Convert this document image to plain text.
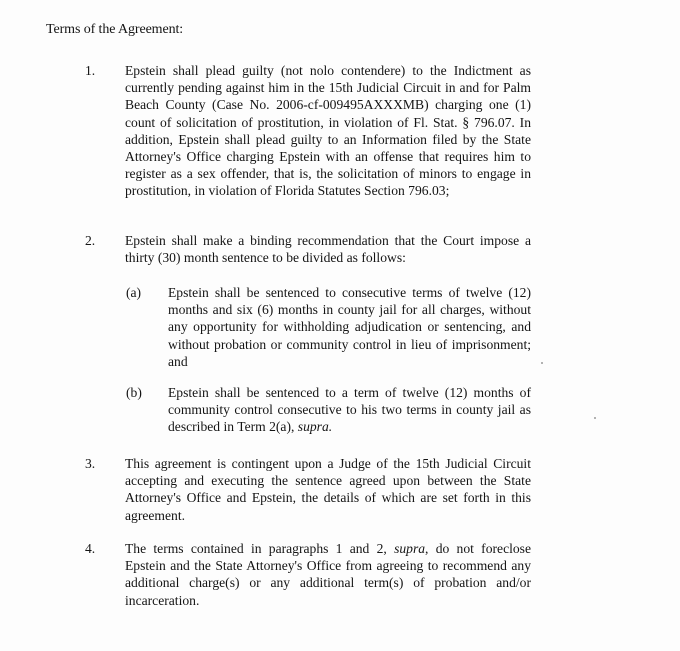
Terms of the Agreement:
1. Epstein shall plead guilty (not nolo contendere) to the Indictment as currently pending against him in the 15th Judicial Circuit in and for Palm Beach County (Case No. 2006-cf-009495AXXXMB) charging one (1) count of solicitation of prostitution, in violation of Fl. Stat. § 796.07. In addition, Epstein shall plead guilty to an Information filed by the State Attorney's Office charging Epstein with an offense that requires him to register as a sex offender, that is, the solicitation of minors to engage in prostitution, in violation of Florida Statutes Section 796.03;
2. Epstein shall make a binding recommendation that the Court impose a thirty (30) month sentence to be divided as follows:
(a) Epstein shall be sentenced to consecutive terms of twelve (12) months and six (6) months in county jail for all charges, without any opportunity for withholding adjudication or sentencing, and without probation or community control in lieu of imprisonment; and
(b) Epstein shall be sentenced to a term of twelve (12) months of community control consecutive to his two terms in county jail as described in Term 2(a), supra.
3. This agreement is contingent upon a Judge of the 15th Judicial Circuit accepting and executing the sentence agreed upon between the State Attorney's Office and Epstein, the details of which are set forth in this agreement.
4. The terms contained in paragraphs 1 and 2, supra, do not foreclose Epstein and the State Attorney's Office from agreeing to recommend any additional charge(s) or any additional term(s) of probation and/or incarceration.
